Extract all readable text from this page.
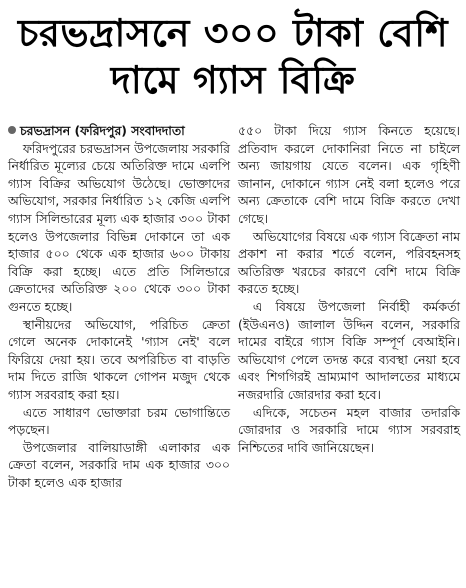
চরভদ্রাসনে ৩০০ টাকা বেশি
দামে গ্যাস বিক্রি

চরভদ্রাসন (ফরিদপুর) সংবাদদাতা

ফরিদপুরের চরভদ্রাসন উপজেলায় সরকারি নির্ধারিত মূল্যের চেয়ে অতিরিক্ত দামে এলপি গ্যাস বিক্রির অভিযোগ উঠেছে। ভোক্তাদের অভিযোগ, সরকার নির্ধারিত ১২ কেজি এলপি গ্যাস সিলিন্ডারের মূল্য এক হাজার ৩০০ টাকা হলেও উপজেলার বিভিন্ন দোকানে তা এক হাজার ৫০০ থেকে এক হাজার ৬০০ টাকায় বিক্রি করা হচ্ছে। এতে প্রতি সিলিন্ডারে ক্রেতাদের অতিরিক্ত ২০০ থেকে ৩০০ টাকা গুনতে হচ্ছে।

স্থানীয়দের অভিযোগ, পরিচিত ক্রেতা গেলে অনেক দোকানেই 'গ্যাস নেই' বলে ফিরিয়ে দেয়া হয়। তবে অপরিচিত বা বাড়তি দাম দিতে রাজি থাকলে গোপন মজুদ থেকে গ্যাস সরবরাহ করা হয়।

এতে সাধারণ ভোক্তারা চরম ভোগান্তিতে পড়ছেন।

উপজেলার বালিয়াডাঙ্গী এলাকার এক ক্রেতা বলেন, সরকারি দাম এক হাজার ৩০০ টাকা হলেও এক হাজার

৫৫০ টাকা দিয়ে গ্যাস কিনতে হয়েছে। প্রতিবাদ করলে দোকানিরা নিতে না চাইলে অন্য জায়গায় যেতে বলেন। এক গৃহিণী জানান, দোকানে গ্যাস নেই বলা হলেও পরে অন্য ক্রেতাকে বেশি দামে বিক্রি করতে দেখা গেছে।

অভিযোগের বিষয়ে এক গ্যাস বিক্রেতা নাম প্রকাশ না করার শর্তে বলেন, পরিবহনসহ অতিরিক্ত খরচের কারণে বেশি দামে বিক্রি করতে হচ্ছে।

এ বিষয়ে উপজেলা নির্বাহী কর্মকর্তা (ইউএনও) জালাল উদ্দিন বলেন, সরকারি দামের বাইরে গ্যাস বিক্রি সম্পূর্ণ বেআইনি। অভিযোগ পেলে তদন্ত করে ব্যবস্থা নেয়া হবে এবং শিগগিরই ভ্রাম্যমাণ আদালতের মাধ্যমে নজরদারি জোরদার করা হবে।

এদিকে, সচেতন মহল বাজার তদারকি জোরদার ও সরকারি দামে গ্যাস সরবরাহ নিশ্চিতের দাবি জানিয়েছেন।
